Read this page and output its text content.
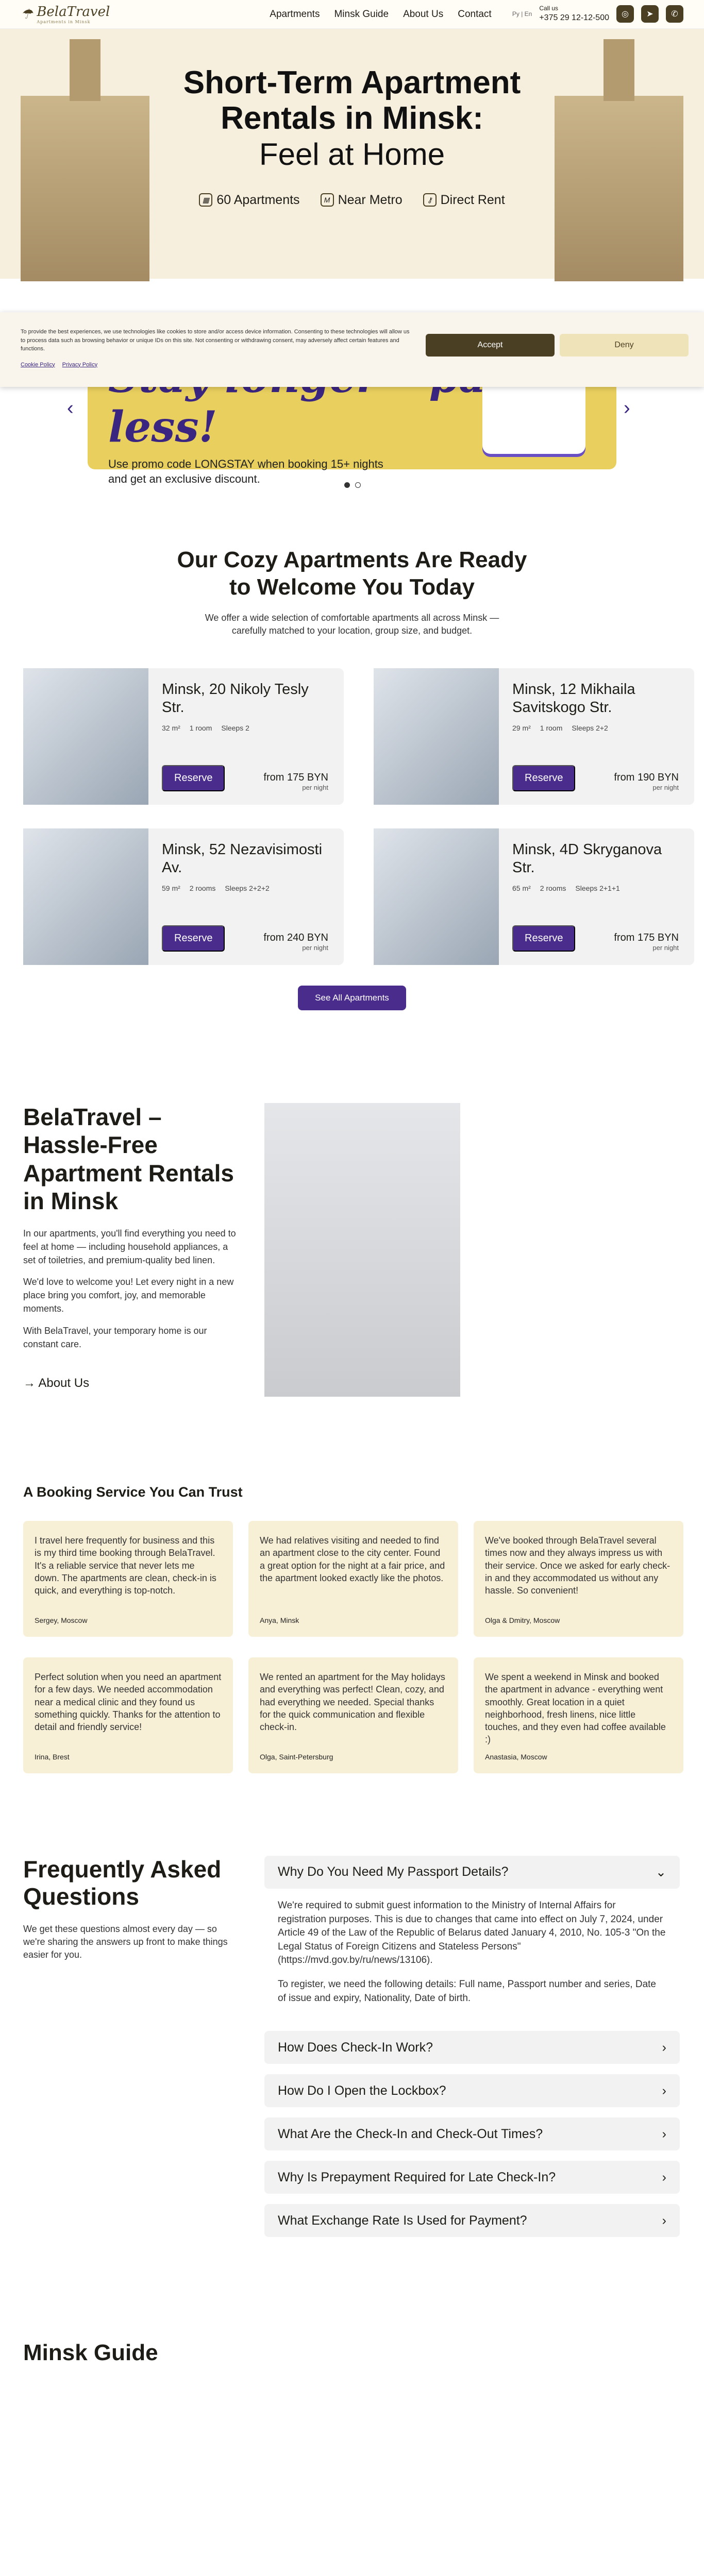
☂ BelaTravel
Apartments in Minsk
Apartments Minsk Guide About Us Contact	Ру | En
Call us
+375 29 12-12-500	◎	➤	✆
Short-Term Apartment
Rentals in Minsk:
Feel at Home
▦ 60 Apartments	M Near Metro	⚷ Direct Rent
less!

Use promo code LONGSTAY when booking 15+ nights and get an exclusive discount.

‹	›

To provide the best experiences, we use technologies like cookies to store and/or access device information. Consenting to these technologies will allow us to process data such as browsing behavior or unique IDs on this site. Not consenting or withdrawing consent, may adversely affect certain features and functions.

Cookie Policy Privacy Policy
Accept	Deny
Our Cozy Apartments Are Ready
to Welcome You Today

We offer a wide selection of comfortable apartments all across Minsk —
carefully matched to your location, group size, and budget.

Minsk, 20 Nikoly Tesly Str.
32 m² 1 room Sleeps 2
Reserve	from 175 BYN
per night
Minsk, 12 Mikhaila Savitskogo Str.
29 m² 1 room Sleeps 2+2
Reserve	from 190 BYN
per night
Minsk, 52 Nezavisimosti Av.
59 m² 2 rooms Sleeps 2+2+2
Reserve	from 240 BYN
per night
Minsk, 4D Skryganova Str.
65 m² 2 rooms Sleeps 2+1+1
Reserve	from 175 BYN
per night
See All Apartments
BelaTravel – Hassle-Free Apartment Rentals in Minsk

In our apartments, you'll find everything you need to feel at home — including household appliances, a set of toiletries, and premium-quality bed linen.

We'd love to welcome you! Let every night in a new place bring you comfort, joy, and memorable moments.

With BelaTravel, your temporary home is our constant care.

→ About Us
A Booking Service You Can Trust

I travel here frequently for business and this is my third time booking through BelaTravel. It's a reliable service that never lets me down. The apartments are clean, check-in is quick, and everything is top-notch.

Sergey, Moscow

We had relatives visiting and needed to find an apartment close to the city center. Found a great option for the night at a fair price, and the apartment looked exactly like the photos.

Anya, Minsk

We've booked through BelaTravel several times now and they always impress us with their service. Once we asked for early check-in and they accommodated us without any hassle. So convenient!

Olga & Dmitry, Moscow

Perfect solution when you need an apartment for a few days. We needed accommodation near a medical clinic and they found us something quickly. Thanks for the attention to detail and friendly service!

Irina, Brest

We rented an apartment for the May holidays and everything was perfect! Clean, cozy, and had everything we needed. Special thanks for the quick communication and flexible check-in.

Olga, Saint-Petersburg

We spent a weekend in Minsk and booked the apartment in advance - everything went smoothly. Great location in a quiet neighborhood, fresh linens, nice little touches, and they even had coffee available :)

Anastasia, Moscow
Frequently Asked Questions

We get these questions almost every day — so we're sharing the answers up front to make things easier for you.

Why Do You Need My Passport Details?	⌄

We're required to submit guest information to the Ministry of Internal Affairs for registration purposes. This is due to changes that came into effect on July 7, 2024, under Article 49 of the Law of the Republic of Belarus dated January 4, 2010, No. 105-3 "On the Legal Status of Foreign Citizens and Stateless Persons" (https://mvd.gov.by/ru/news/13106).

To register, we need the following details: Full name, Passport number and series, Date of issue and expiry, Nationality, Date of birth.

How Does Check-In Work?	›
How Do I Open the Lockbox?	›
What Are the Check-In and Check-Out Times?	›
Why Is Prepayment Required for Late Check-In?	›
What Exchange Rate Is Used for Payment?	›
Minsk Guide
